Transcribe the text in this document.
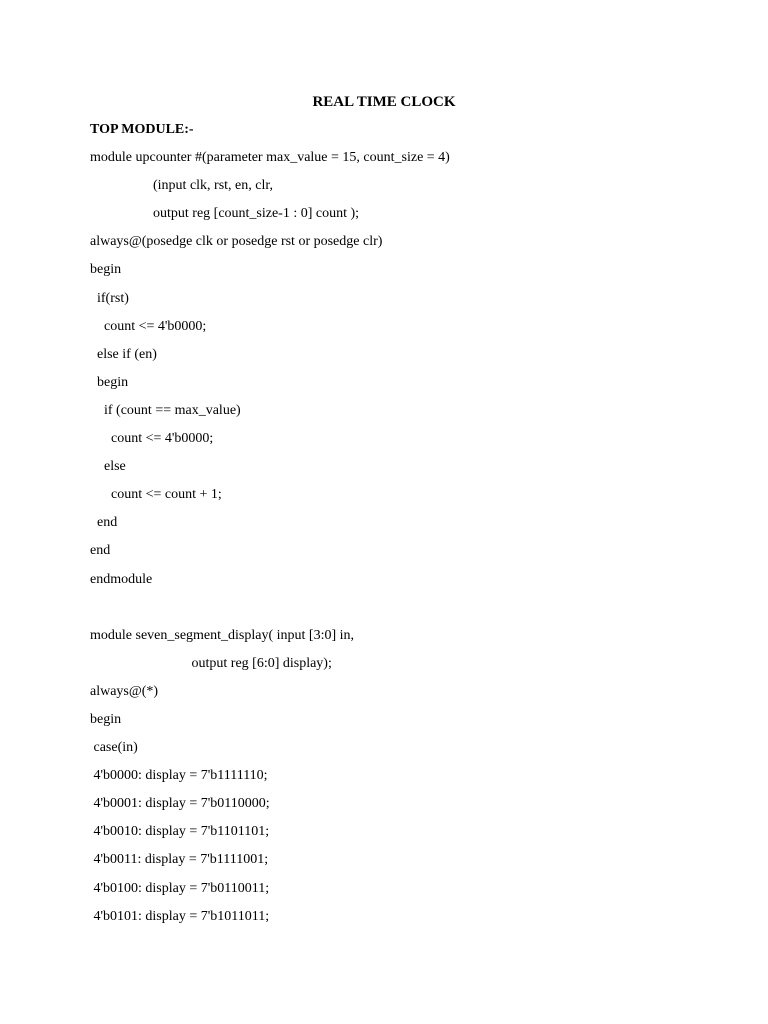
REAL TIME CLOCK
TOP MODULE:-
module upcounter #(parameter max_value = 15, count_size = 4)
(input clk, rst, en, clr,
output reg [count_size-1 : 0] count );
always@(posedge clk or posedge rst or posedge clr)
begin
if(rst)
count <= 4'b0000;
else if (en)
begin
if (count == max_value)
count <= 4'b0000;
else
count <= count + 1;
end
end
endmodule
module seven_segment_display( input [3:0] in,
output reg [6:0] display);
always@(*)
begin
case(in)
4'b0000: display = 7'b1111110;
4'b0001: display = 7'b0110000;
4'b0010: display = 7'b1101101;
4'b0011: display = 7'b1111001;
4'b0100: display = 7'b0110011;
4'b0101: display = 7'b1011011;
